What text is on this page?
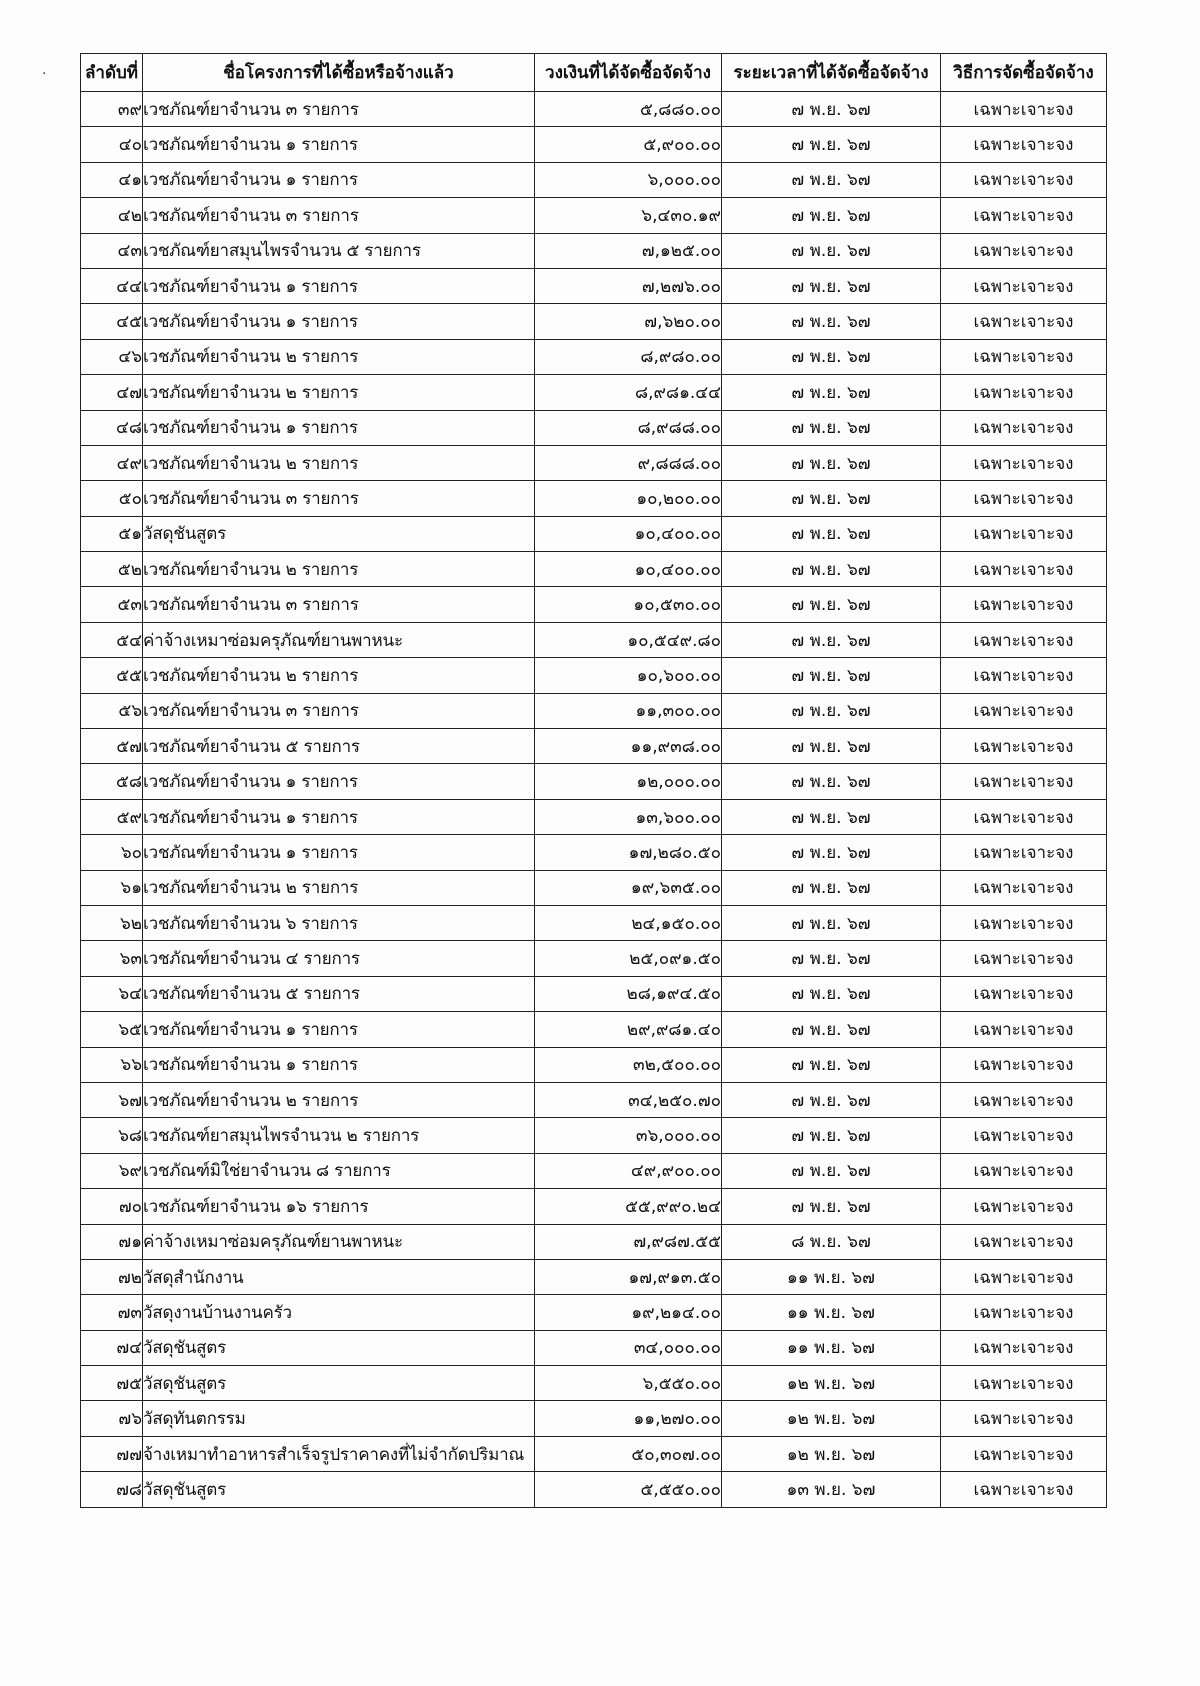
· ลำดับที่	ชื่อโครงการที่ได้ซื้อหรือจ้างแล้ว	วงเงินที่ได้จัดซื้อจัดจ้าง	ระยะเวลาที่ได้จัดซื้อจัดจ้าง	วิธีการจัดซื้อจัดจ้าง
๓๙	เวชภัณฑ์ยาจำนวน ๓ รายการ	๕,๘๘๐.๐๐	๗ พ.ย. ๖๗	เฉพาะเจาะจง
๔๐	เวชภัณฑ์ยาจำนวน ๑ รายการ	๕,๙๐๐.๐๐	๗ พ.ย. ๖๗	เฉพาะเจาะจง
๔๑	เวชภัณฑ์ยาจำนวน ๑ รายการ	๖,๐๐๐.๐๐	๗ พ.ย. ๖๗	เฉพาะเจาะจง
๔๒	เวชภัณฑ์ยาจำนวน ๓ รายการ	๖,๔๓๐.๑๙	๗ พ.ย. ๖๗	เฉพาะเจาะจง
๔๓	เวชภัณฑ์ยาสมุนไพรจำนวน ๕ รายการ	๗,๑๒๕.๐๐	๗ พ.ย. ๖๗	เฉพาะเจาะจง
๔๔	เวชภัณฑ์ยาจำนวน ๑ รายการ	๗,๒๗๖.๐๐	๗ พ.ย. ๖๗	เฉพาะเจาะจง
๔๕	เวชภัณฑ์ยาจำนวน ๑ รายการ	๗,๖๒๐.๐๐	๗ พ.ย. ๖๗	เฉพาะเจาะจง
๔๖	เวชภัณฑ์ยาจำนวน ๒ รายการ	๘,๙๘๐.๐๐	๗ พ.ย. ๖๗	เฉพาะเจาะจง
๔๗	เวชภัณฑ์ยาจำนวน ๒ รายการ	๘,๙๘๑.๔๔	๗ พ.ย. ๖๗	เฉพาะเจาะจง
๔๘	เวชภัณฑ์ยาจำนวน ๑ รายการ	๘,๙๘๘.๐๐	๗ พ.ย. ๖๗	เฉพาะเจาะจง
๔๙	เวชภัณฑ์ยาจำนวน ๒ รายการ	๙,๘๘๘.๐๐	๗ พ.ย. ๖๗	เฉพาะเจาะจง
๕๐	เวชภัณฑ์ยาจำนวน ๓ รายการ	๑๐,๒๐๐.๐๐	๗ พ.ย. ๖๗	เฉพาะเจาะจง
๕๑	วัสดุชันสูตร	๑๐,๔๐๐.๐๐	๗ พ.ย. ๖๗	เฉพาะเจาะจง
๕๒	เวชภัณฑ์ยาจำนวน ๒ รายการ	๑๐,๔๐๐.๐๐	๗ พ.ย. ๖๗	เฉพาะเจาะจง
๕๓	เวชภัณฑ์ยาจำนวน ๓ รายการ	๑๐,๕๓๐.๐๐	๗ พ.ย. ๖๗	เฉพาะเจาะจง
๕๔	ค่าจ้างเหมาซ่อมครุภัณฑ์ยานพาหนะ	๑๐,๕๔๙.๘๐	๗ พ.ย. ๖๗	เฉพาะเจาะจง
๕๕	เวชภัณฑ์ยาจำนวน ๒ รายการ	๑๐,๖๐๐.๐๐	๗ พ.ย. ๖๗	เฉพาะเจาะจง
๕๖	เวชภัณฑ์ยาจำนวน ๓ รายการ	๑๑,๓๐๐.๐๐	๗ พ.ย. ๖๗	เฉพาะเจาะจง
๕๗	เวชภัณฑ์ยาจำนวน ๕ รายการ	๑๑,๙๓๘.๐๐	๗ พ.ย. ๖๗	เฉพาะเจาะจง
๕๘	เวชภัณฑ์ยาจำนวน ๑ รายการ	๑๒,๐๐๐.๐๐	๗ พ.ย. ๖๗	เฉพาะเจาะจง
๕๙	เวชภัณฑ์ยาจำนวน ๑ รายการ	๑๓,๖๐๐.๐๐	๗ พ.ย. ๖๗	เฉพาะเจาะจง
๖๐	เวชภัณฑ์ยาจำนวน ๑ รายการ	๑๗,๒๘๐.๕๐	๗ พ.ย. ๖๗	เฉพาะเจาะจง
๖๑	เวชภัณฑ์ยาจำนวน ๒ รายการ	๑๙,๖๓๕.๐๐	๗ พ.ย. ๖๗	เฉพาะเจาะจง
๖๒	เวชภัณฑ์ยาจำนวน ๖ รายการ	๒๔,๑๕๐.๐๐	๗ พ.ย. ๖๗	เฉพาะเจาะจง
๖๓	เวชภัณฑ์ยาจำนวน ๔ รายการ	๒๕,๐๙๑.๕๐	๗ พ.ย. ๖๗	เฉพาะเจาะจง
๖๔	เวชภัณฑ์ยาจำนวน ๕ รายการ	๒๘,๑๙๔.๕๐	๗ พ.ย. ๖๗	เฉพาะเจาะจง
๖๕	เวชภัณฑ์ยาจำนวน ๑ รายการ	๒๙,๙๘๑.๔๐	๗ พ.ย. ๖๗	เฉพาะเจาะจง
๖๖	เวชภัณฑ์ยาจำนวน ๑ รายการ	๓๒,๕๐๐.๐๐	๗ พ.ย. ๖๗	เฉพาะเจาะจง
๖๗	เวชภัณฑ์ยาจำนวน ๒ รายการ	๓๔,๒๕๐.๗๐	๗ พ.ย. ๖๗	เฉพาะเจาะจง
๖๘	เวชภัณฑ์ยาสมุนไพรจำนวน ๒ รายการ	๓๖,๐๐๐.๐๐	๗ พ.ย. ๖๗	เฉพาะเจาะจง
๖๙	เวชภัณฑ์มิใช่ยาจำนวน ๘ รายการ	๔๙,๙๐๐.๐๐	๗ พ.ย. ๖๗	เฉพาะเจาะจง
๗๐	เวชภัณฑ์ยาจำนวน ๑๖ รายการ	๕๕,๙๙๐.๒๔	๗ พ.ย. ๖๗	เฉพาะเจาะจง
๗๑	ค่าจ้างเหมาซ่อมครุภัณฑ์ยานพาหนะ	๗,๙๘๗.๕๕	๘ พ.ย. ๖๗	เฉพาะเจาะจง
๗๒	วัสดุสำนักงาน	๑๗,๙๑๓.๕๐	๑๑ พ.ย. ๖๗	เฉพาะเจาะจง
๗๓	วัสดุงานบ้านงานครัว	๑๙,๒๑๔.๐๐	๑๑ พ.ย. ๖๗	เฉพาะเจาะจง
๗๔	วัสดุชันสูตร	๓๔,๐๐๐.๐๐	๑๑ พ.ย. ๖๗	เฉพาะเจาะจง
๗๕	วัสดุชันสูตร	๖,๕๕๐.๐๐	๑๒ พ.ย. ๖๗	เฉพาะเจาะจง
๗๖	วัสดุทันตกรรม	๑๑,๒๗๐.๐๐	๑๒ พ.ย. ๖๗	เฉพาะเจาะจง
๗๗	จ้างเหมาทำอาหารสำเร็จรูปราคาคงที่ไม่จำกัดปริมาณ	๕๐,๓๐๗.๐๐	๑๒ พ.ย. ๖๗	เฉพาะเจาะจง
๗๘	วัสดุชันสูตร	๕,๕๕๐.๐๐	๑๓ พ.ย. ๖๗	เฉพาะเจาะจง
